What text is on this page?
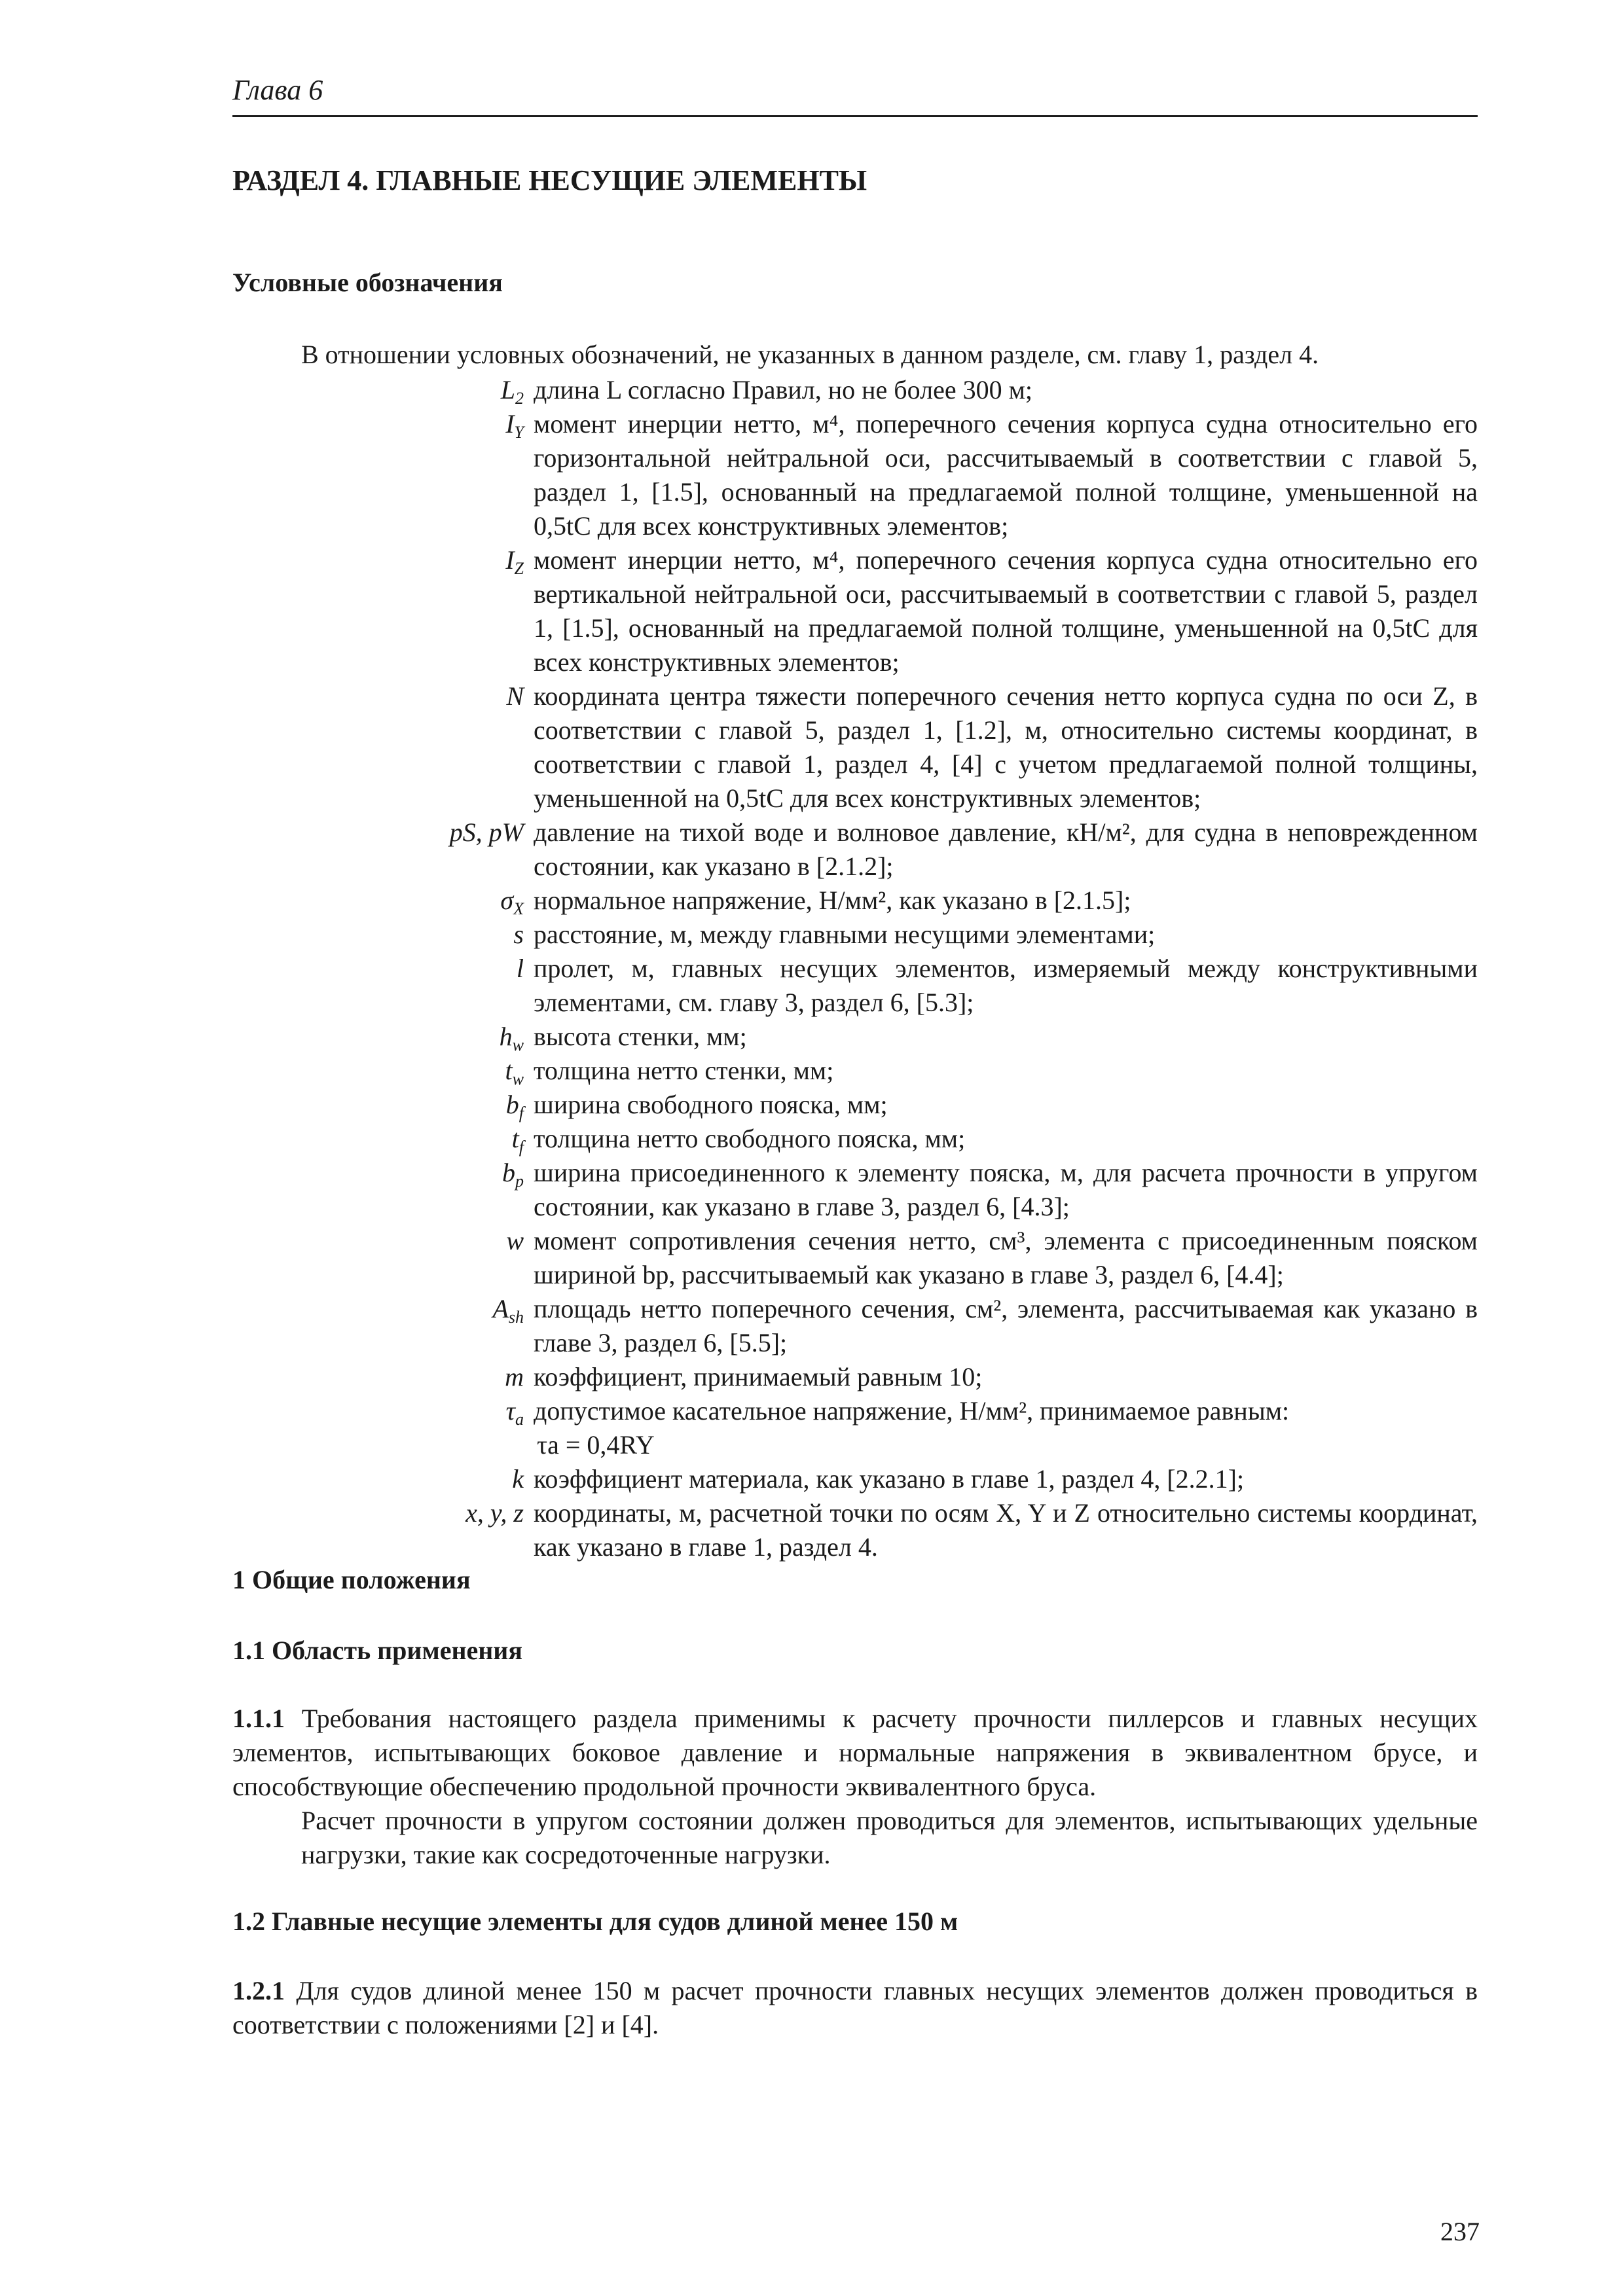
Глава 6
РАЗДЕЛ 4. ГЛАВНЫЕ НЕСУЩИЕ ЭЛЕМЕНТЫ
Условные обозначения
В отношении условных обозначений, не указанных в данном разделе, см. главу 1, раздел 4.
$L_2$ длина L согласно Правил, но не более 300 м;
$I_Y$ момент инерции нетто, м⁴, поперечного сечения корпуса судна относительно его горизонтальной нейтральной оси, рассчитываемый в соответствии с главой 5, раздел 1, [1.5], основанный на предлагаемой полной толщине, уменьшенной на 0,5tC для всех конструктивных элементов;
$I_Z$ момент инерции нетто, м⁴, поперечного сечения корпуса судна относительно его вертикальной нейтральной оси, рассчитываемый в соответствии с главой 5, раздел 1, [1.5], основанный на предлагаемой полной толщине, уменьшенной на 0,5tC для всех конструктивных элементов;
N координата центра тяжести поперечного сечения нетто корпуса судна по оси Z, в соответствии с главой 5, раздел 1, [1.2], м, относительно системы координат, в соответствии с главой 1, раздел 4, [4] с учетом предлагаемой полной толщины, уменьшенной на 0,5tC для всех конструктивных элементов;
pS, pW давление на тихой воде и волновое давление, кН/м², для судна в неповрежденном состоянии, как указано в [2.1.2];
$\sigma_X$ нормальное напряжение, Н/мм², как указано в [2.1.5];
s расстояние, м, между главными несущими элементами;
l пролет, м, главных несущих элементов, измеряемый между конструктивными элементами, см. главу 3, раздел 6, [5.3];
$h_w$ высота стенки, мм;
$t_w$ толщина нетто стенки, мм;
$b_f$ ширина свободного пояска, мм;
$t_f$ толщина нетто свободного пояска, мм;
$b_p$ ширина присоединенного к элементу пояска, м, для расчета прочности в упругом состоянии, как указано в главе 3, раздел 6, [4.3];
w момент сопротивления сечения нетто, см³, элемента с присоединенным пояском шириной bp, рассчитываемый как указано в главе 3, раздел 6, [4.4];
$A_{sh}$ площадь нетто поперечного сечения, см², элемента, рассчитываемая как указано в главе 3, раздел 6, [5.5];
m коэффициент, принимаемый равным 10;
$\tau_a$ допустимое касательное напряжение, Н/мм², принимаемое равным:
τa = 0,4RY
k коэффициент материала, как указано в главе 1, раздел 4, [2.2.1];
x, y, z координаты, м, расчетной точки по осям X, Y и Z относительно системы координат, как указано в главе 1, раздел 4.
1 Общие положения
1.1 Область применения
1.1.1 Требования настоящего раздела применимы к расчету прочности пиллерсов и главных несущих элементов, испытывающих боковое давление и нормальные напряжения в эквивалентном брусе, и способствующие обеспечению продольной прочности эквивалентного бруса.
Расчет прочности в упругом состоянии должен проводиться для элементов, испытывающих удельные нагрузки, такие как сосредоточенные нагрузки.
1.2 Главные несущие элементы для судов длиной менее 150 м
1.2.1 Для судов длиной менее 150 м расчет прочности главных несущих элементов должен проводиться в соответствии с положениями [2] и [4].
237
